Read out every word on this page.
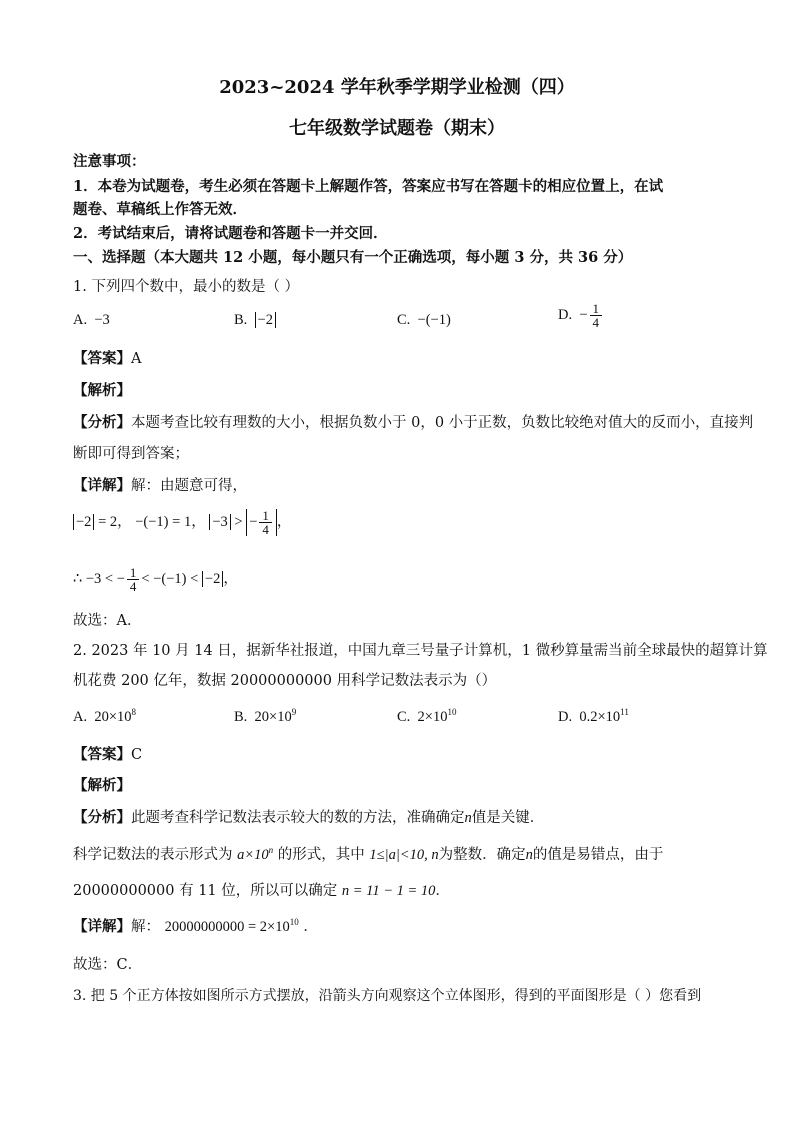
2023~2024 学年秋季学期学业检测（四）
七年级数学试题卷（期末）
注意事项：
1．本卷为试题卷，考生必须在答题卡上解题作答，答案应书写在答题卡的相应位置上，在试
题卷、草稿纸上作答无效．
2．考试结束后，请将试题卷和答题卡一并交回．
一、选择题（本大题共 12 小题，每小题只有一个正确选项，每小题 3 分，共 36 分）
1. 下列四个数中，最小的数是（ ）
A. −3	B. −2	C. −(−1)	D. − $\frac{1}{4}$
【答案】A
【解析】
【分析】本题考查比较有理数的大小，根据负数小于 0，0 小于正数，负数比较绝对值大的反而小，直接判
断即可得到答案；
【详解】解：由题意可得，
−2 = 2， −(−1) = 1， −3 > − $\frac{1}{4}$ ，
∴ −3 < − $\frac{1}{4} < -(-1) < -2$ ，
故选：A．
2. 2023 年 10 月 14 日，据新华社报道，中国九章三号量子计算机，1 微秒算量需当前全球最快的超算计算
机花费 200 亿年，数据 20000000000 用科学记数法表示为（）
A. $20\times 10^8$	B. $20\times 10^9$	C. $2\times 10^{10}$	D. $0.2\times 10^{11}$
【答案】C
【解析】
【分析】此题考查科学记数法表示较大的数的方法，准确确定n值是关键．
科学记数法的表示形式为 $a\times 10^n$ 的形式，其中 1≤|a|<10, n为整数．确定n的值是易错点，由于
20000000000 有 11 位，所以可以确定 n = 11 − 1 = 10．
【详解】解： $20000000000 = 2\times 10^{10}$ ．
故选：C．
3. 把 5 个正方体按如图所示方式摆放，沿箭头方向观察这个立体图形，得到的平面图形是（ ）您看到
